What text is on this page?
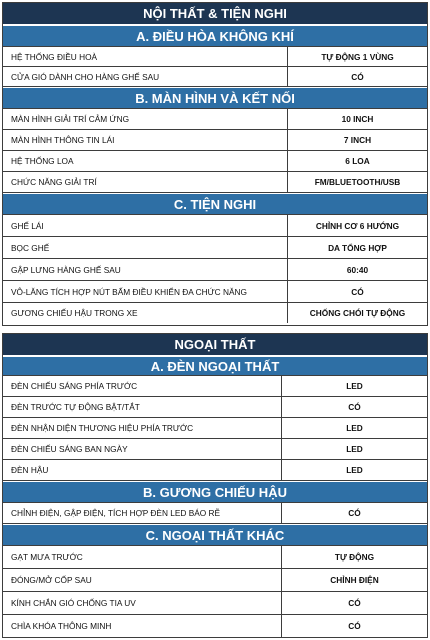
NỘI THẤT & TIỆN NGHI
A. ĐIỀU HÒA KHÔNG KHÍ
HỆ THỐNG ĐIỀU HOÀ	TỰ ĐỘNG 1 VÙNG
CỬA GIÓ DÀNH CHO HÀNG GHẾ SAU	CÓ
B. MÀN HÌNH VÀ KẾT NỐI
MÀN HÌNH GIẢI TRÍ CẢM ỨNG	10 INCH
MÀN HÌNH THÔNG TIN LÁI	7 INCH
HỆ THỐNG LOA	6 LOA
CHỨC NĂNG GIẢI TRÍ	FM/BLUETOOTH/USB
C. TIỆN NGHI
GHẾ LÁI	CHỈNH CƠ 6 HƯỚNG
BỌC GHẾ	DA TỔNG HỢP
GẬP LƯNG HÀNG GHẾ SAU	60:40
VÔ-LĂNG TÍCH HỢP NÚT BẤM ĐIỀU KHIỂN ĐA CHỨC NĂNG	CÓ
GƯƠNG CHIẾU HẬU TRONG XE	CHỐNG CHÓI TỰ ĐỘNG
NGOẠI THẤT
A. ĐÈN NGOẠI THẤT
ĐÈN CHIẾU SÁNG PHÍA TRƯỚC	LED
ĐÈN TRƯỚC TỰ ĐỘNG BẬT/TẮT	CÓ
ĐÈN NHẬN DIỆN THƯƠNG HIỆU PHÍA TRƯỚC	LED
ĐÈN CHIẾU SÁNG BAN NGÀY	LED
ĐÈN HẬU	LED
B. GƯƠNG CHIẾU HẬU
CHỈNH ĐIỆN, GẬP ĐIỆN, TÍCH HỢP ĐÈN LED BÁO RẼ	CÓ
C. NGOẠI THẤT KHÁC
GẠT MƯA TRƯỚC	TỰ ĐỘNG
ĐÓNG/MỞ CỐP SAU	CHỈNH ĐIỆN
KÍNH CHẮN GIÓ CHỐNG TIA UV	CÓ
CHÌA KHÓA THÔNG MINH	CÓ
